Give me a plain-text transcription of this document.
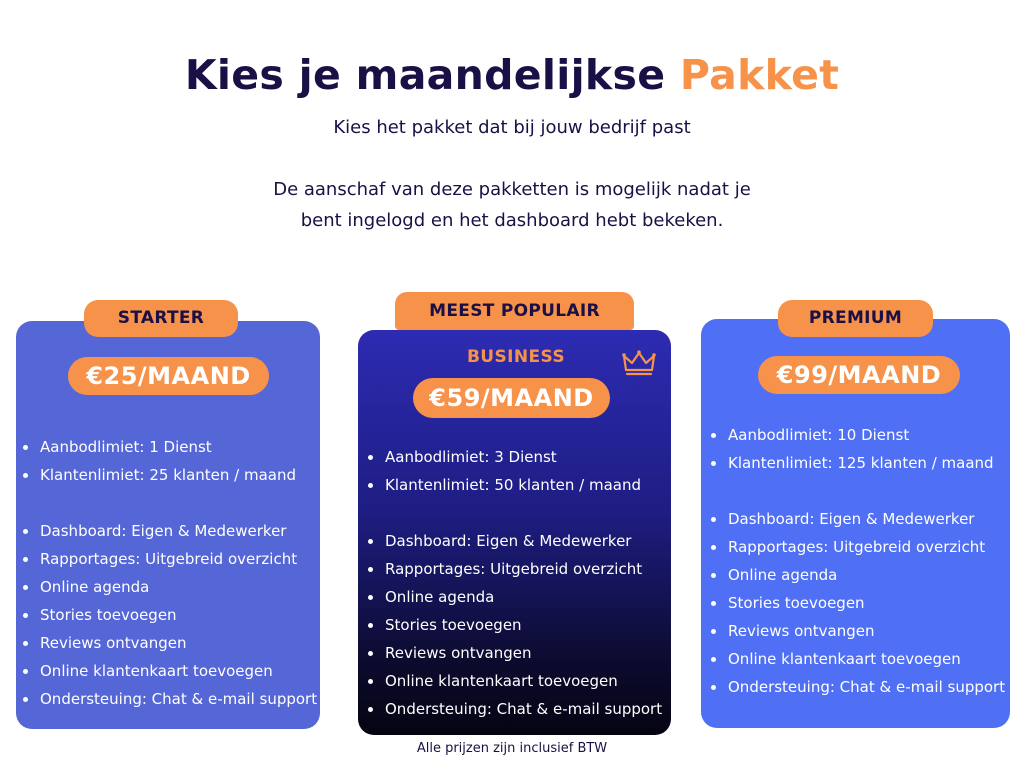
Kies je maandelijkse Pakket
Kies het pakket dat bij jouw bedrijf past
De aanschaf van deze pakketten is mogelijk nadat je bent ingelogd en het dashboard hebt bekeken.
STARTER
€25/MAAND
Aanbodlimiet: 1 Dienst
Klantenlimiet: 25 klanten / maand
Dashboard: Eigen & Medewerker
Rapportages: Uitgebreid overzicht
Online agenda
Stories toevoegen
Reviews ontvangen
Online klantenkaart toevoegen
Ondersteuing: Chat & e-mail support
MEEST POPULAIR
BUSINESS
€59/MAAND
Aanbodlimiet: 3 Dienst
Klantenlimiet: 50 klanten / maand
Dashboard: Eigen & Medewerker
Rapportages: Uitgebreid overzicht
Online agenda
Stories toevoegen
Reviews ontvangen
Online klantenkaart toevoegen
Ondersteuing: Chat & e-mail support
PREMIUM
€99/MAAND
Aanbodlimiet: 10 Dienst
Klantenlimiet: 125 klanten / maand
Dashboard: Eigen & Medewerker
Rapportages: Uitgebreid overzicht
Online agenda
Stories toevoegen
Reviews ontvangen
Online klantenkaart toevoegen
Ondersteuing: Chat & e-mail support
Alle prijzen zijn inclusief BTW
